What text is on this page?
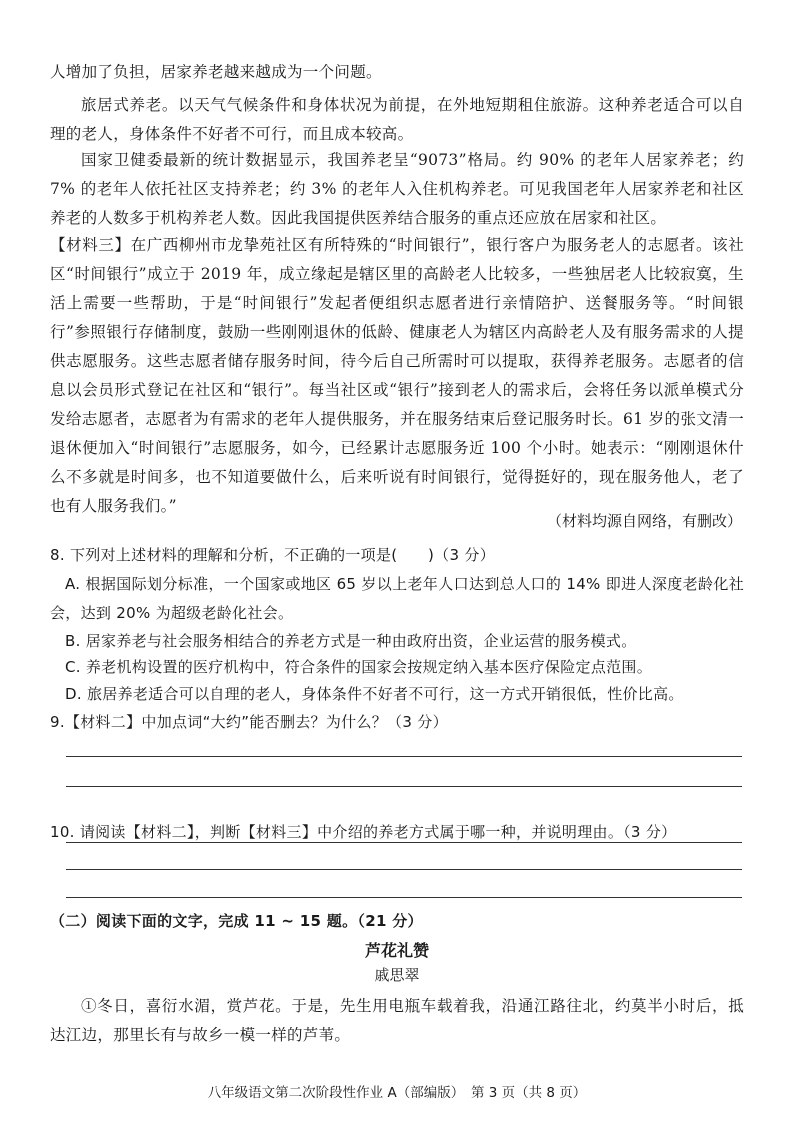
人增加了负担，居家养老越来越成为一个问题。
旅居式养老。以天气气候条件和身体状况为前提，在外地短期租住旅游。这种养老适合可以自理的老人，身体条件不好者不可行，而且成本较高。
国家卫健委最新的统计数据显示，我国养老呈“9073”格局。约 90% 的老年人居家养老；约 7% 的老年人依托社区支持养老；约 3% 的老年人入住机构养老。可见我国老年人居家养老和社区养老的人数多于机构养老人数。因此我国提供医养结合服务的重点还应放在居家和社区。
【材料三】在广西柳州市龙挚苑社区有所特殊的“时间银行”，银行客户为服务老人的志愿者。该社区“时间银行”成立于 2019 年，成立缘起是辖区里的高龄老人比较多，一些独居老人比较寂寞，生活上需要一些帮助，于是“时间银行”发起者便组织志愿者进行亲情陪护、送餐服务等。“时间银行”参照银行存储制度，鼓励一些刚刚退休的低龄、健康老人为辖区内高龄老人及有服务需求的人提供志愿服务。这些志愿者储存服务时间，待今后自己所需时可以提取，获得养老服务。志愿者的信息以会员形式登记在社区和“银行”。每当社区或“银行”接到老人的需求后，会将任务以派单模式分发给志愿者，志愿者为有需求的老年人提供服务，并在服务结束后登记服务时长。61 岁的张文清一退休便加入“时间银行”志愿服务，如今，已经累计志愿服务近 100 个小时。她表示：“刚刚退休什么不多就是时间多，也不知道要做什么，后来听说有时间银行，觉得挺好的，现在服务他人，老了也有人服务我们。”
（材料均源自网络，有删改）
8. 下列对上述材料的理解和分析，不正确的一项是(　　)（3 分）
A. 根据国际划分标准，一个国家或地区 65 岁以上老年人口达到总人口的 14% 即进人深度老龄化社会，达到 20% 为超级老龄化社会。
B. 居家养老与社会服务相结合的养老方式是一种由政府出资，企业运营的服务模式。
C. 养老机构设置的医疗机构中，符合条件的国家会按规定纳入基本医疗保险定点范围。
D. 旅居养老适合可以自理的老人，身体条件不好者不可行，这一方式开销很低，性价比高。
9.【材料二】中加点词“大约”能否删去？为什么？（3 分）
10. 请阅读【材料二】，判断【材料三】中介绍的养老方式属于哪一种，并说明理由。（3 分）
（二）阅读下面的文字，完成 11 ~ 15 题。（21 分）
芦花礼赞
戚思翠
①冬日，喜衍水湄，赏芦花。于是，先生用电瓶车载着我，沿通江路往北，约莫半小时后，抵达江边，那里长有与故乡一模一样的芦苇。
八年级语文第二次阶段性作业 A（部编版）　第 3 页（共 8 页）
